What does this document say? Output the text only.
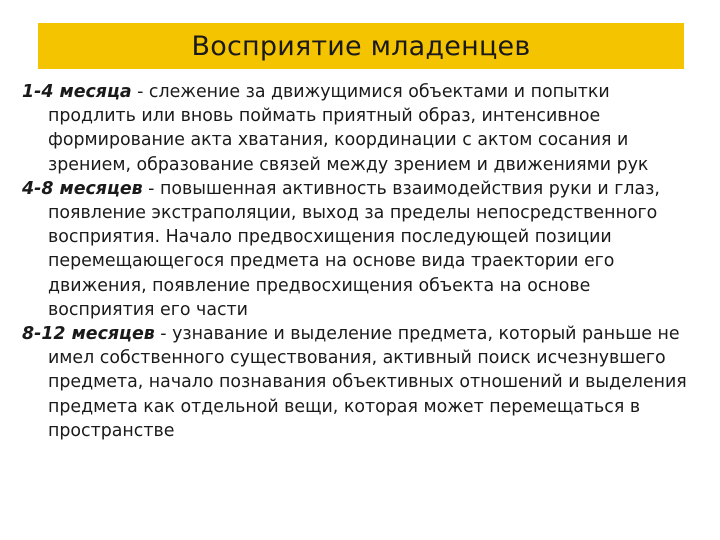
Восприятие младенцев

1-4 месяца - слежение за движущимися объектами и попытки продлить или вновь поймать приятный образ, интенсивное формирование акта хватания, координации с актом сосания и зрением, образование связей между зрением и движениями рук

4-8 месяцев - повышенная активность взаимодействия руки и глаз, появление экстраполяции, выход за пределы непосредственного восприятия. Начало предвосхищения последующей позиции перемещающегося предмета на основе вида траектории его движения, появление предвосхищения объекта на основе восприятия его части

8-12 месяцев - узнавание и выделение предмета, который раньше не имел собственного существования, активный поиск исчезнувшего предмета, начало познавания объективных отношений и выделения предмета как отдельной вещи, которая может перемещаться в пространстве
